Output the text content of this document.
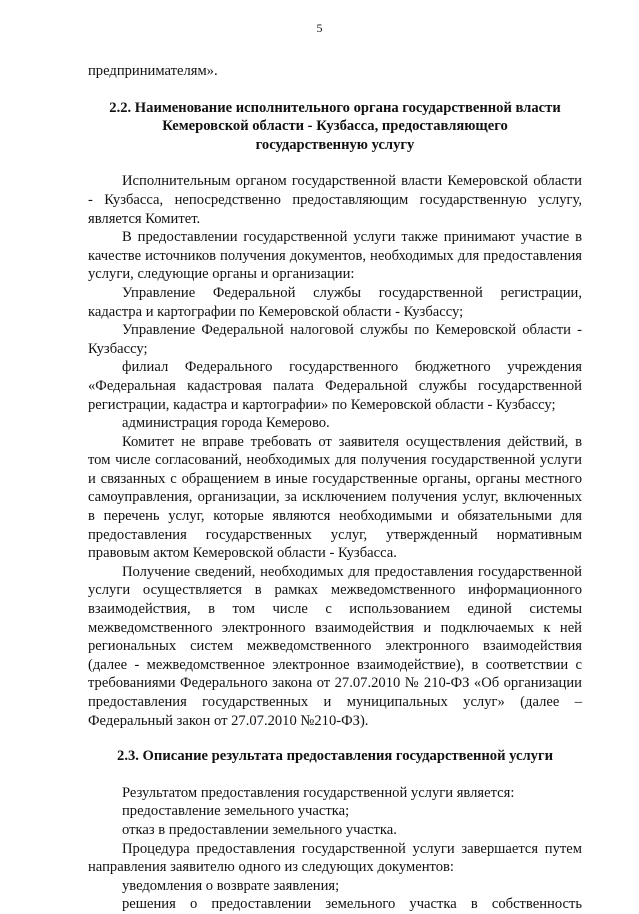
5

предпринимателям».

2.2. Наименование исполнительного органа государственной власти Кемеровской области - Кузбасса, предоставляющего государственную услугу

Исполнительным органом государственной власти Кемеровской области - Кузбасса, непосредственно предоставляющим государственную услугу, является Комитет.

В предоставлении государственной услуги также принимают участие в качестве источников получения документов, необходимых для предоставления услуги, следующие органы и организации:

Управление Федеральной службы государственной регистрации, кадастра и картографии по Кемеровской области - Кузбассу;

Управление Федеральной налоговой службы по Кемеровской области - Кузбассу;

филиал Федерального государственного бюджетного учреждения «Федеральная кадастровая палата Федеральной службы государственной регистрации, кадастра и картографии» по Кемеровской области - Кузбассу;

администрация города Кемерово.

Комитет не вправе требовать от заявителя осуществления действий, в том числе согласований, необходимых для получения государственной услуги и связанных с обращением в иные государственные органы, органы местного самоуправления, организации, за исключением получения услуг, включенных в перечень услуг, которые являются необходимыми и обязательными для предоставления государственных услуг, утвержденный нормативным правовым актом Кемеровской области - Кузбасса.

Получение сведений, необходимых для предоставления государственной услуги осуществляется в рамках межведомственного информационного взаимодействия, в том числе с использованием единой системы межведомственного электронного взаимодействия и подключаемых к ней региональных систем межведомственного электронного взаимодействия (далее - межведомственное электронное взаимодействие), в соответствии с требованиями Федерального закона от 27.07.2010 № 210-ФЗ «Об организации предоставления государственных и муниципальных услуг» (далее – Федеральный закон от 27.07.2010 №210-ФЗ).

2.3. Описание результата предоставления государственной услуги

Результатом предоставления государственной услуги является:

предоставление земельного участка;

отказ в предоставлении земельного участка.

Процедура предоставления государственной услуги завершается путем направления заявителю одного из следующих документов:

уведомления о возврате заявления;

решения о предоставлении земельного участка в собственность
